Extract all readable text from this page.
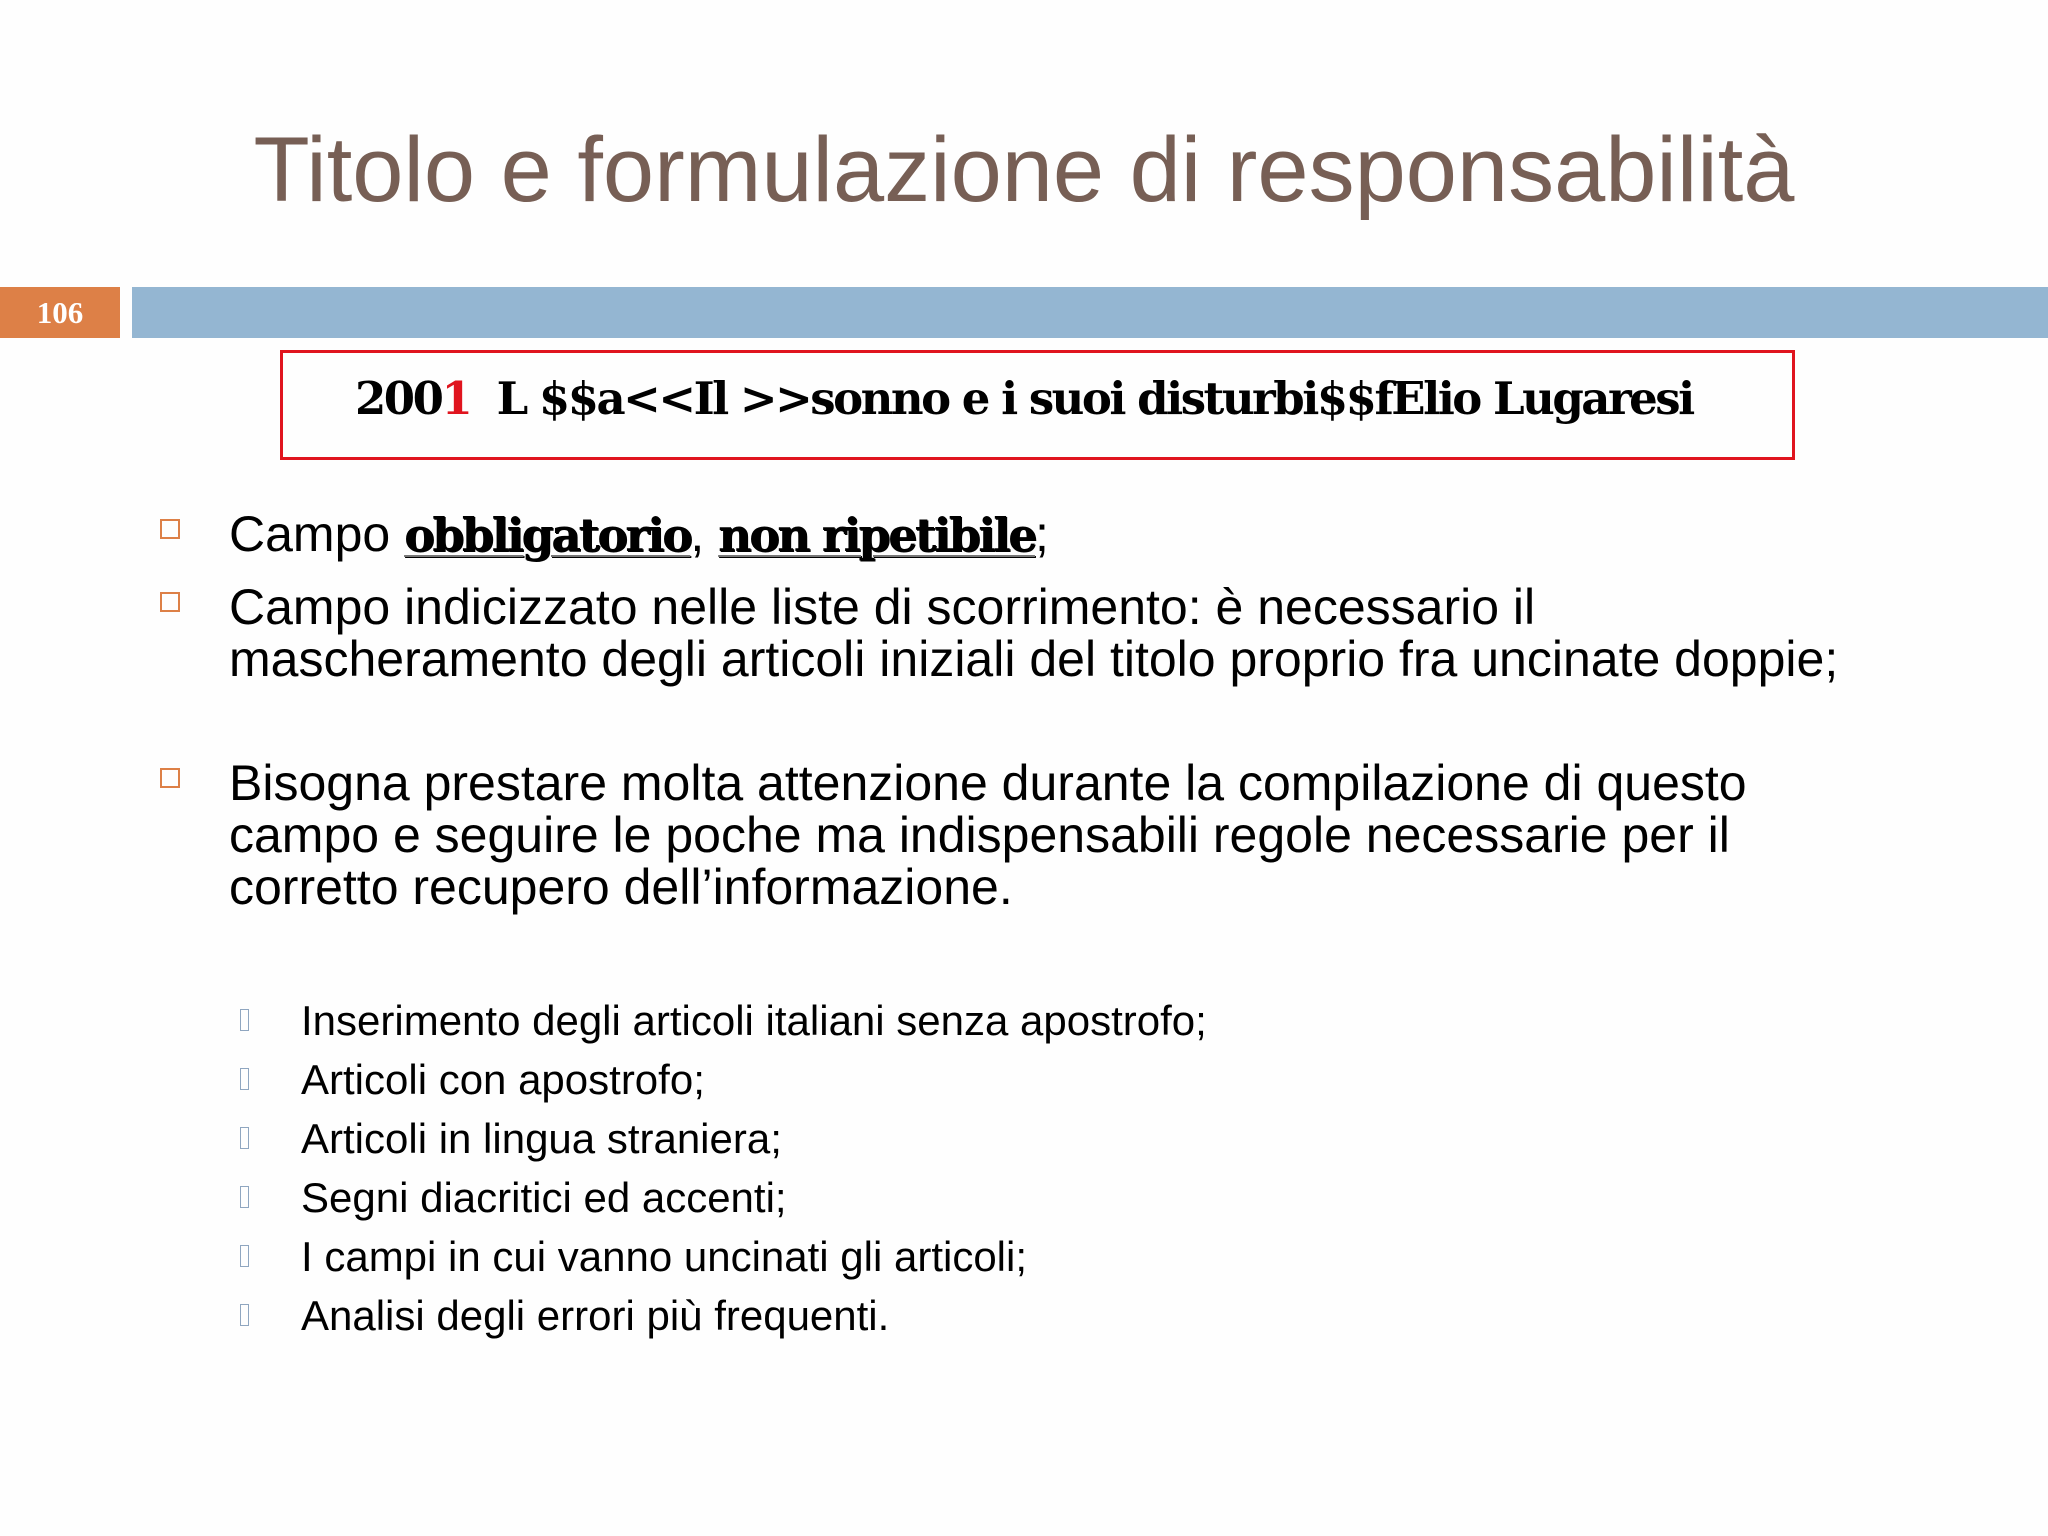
Titolo e formulazione di responsabilità
106
2001  L $$a<<Il >>sonno e i suoi disturbi$$fElio Lugaresi
Campo obbligatorio, non ripetibile;
Campo indicizzato nelle liste di scorrimento: è necessario il mascheramento degli articoli iniziali del titolo proprio fra uncinate doppie;
Bisogna prestare molta attenzione durante la compilazione di questo campo e seguire le poche ma indispensabili regole necessarie per il corretto recupero dell’informazione.
Inserimento degli articoli italiani senza apostrofo;
Articoli con apostrofo;
Articoli in lingua straniera;
Segni diacritici ed accenti;
I campi in cui vanno uncinati gli articoli;
Analisi degli errori più frequenti.
